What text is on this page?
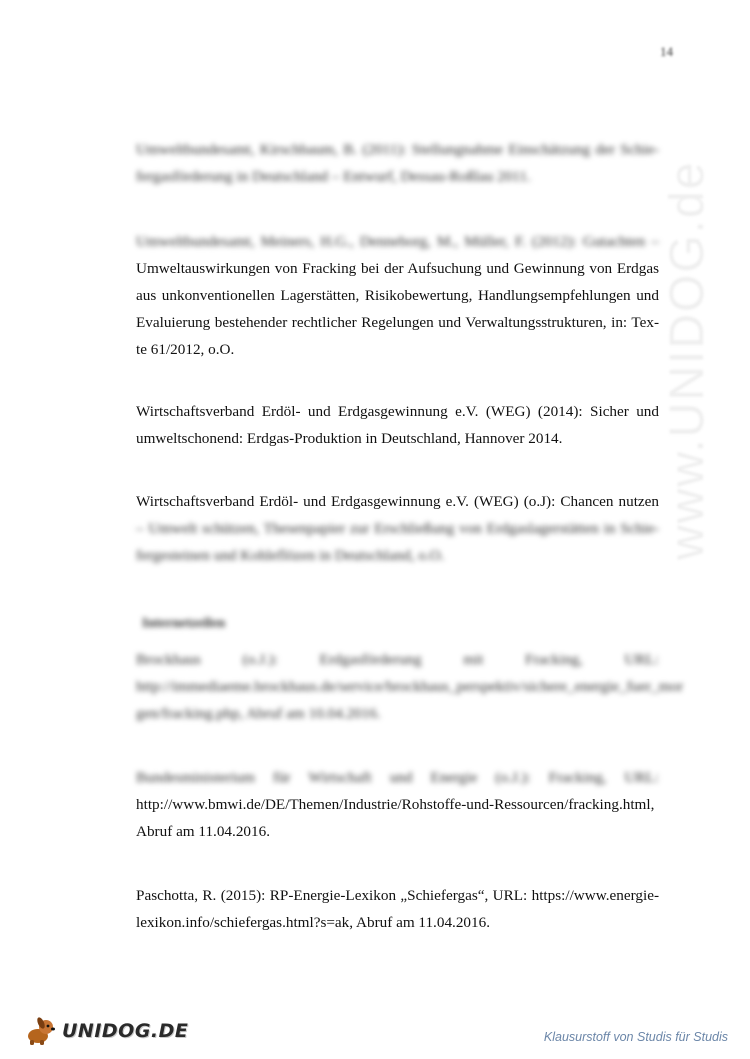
14
www.UNIDOG.de
Umweltbundesamt, Kirschbaum, B. (2011): Stellungnahme Einschätzung der Schie-
fergasförderung in Deutschland – Entwurf, Dessau-Roßlau 2011.
Umweltbundesamt, Meiners, H.G., Denneborg, M., Müller, F. (2012): Gutachten –
Umweltauswirkungen von Fracking bei der Aufsuchung und Gewinnung von Erdgas
aus unkonventionellen Lagerstätten, Risikobewertung, Handlungsempfehlungen und
Evaluierung bestehender rechtlicher Regelungen und Verwaltungsstrukturen, in: Tex-
te 61/2012, o.O.
Wirtschaftsverband Erdöl- und Erdgasgewinnung e.V. (WEG) (2014): Sicher und
umweltschonend: Erdgas-Produktion in Deutschland, Hannover 2014.
Wirtschaftsverband Erdöl- und Erdgasgewinnung e.V. (WEG) (o.J): Chancen nutzen
– Umwelt schützen, Thesenpapier zur Erschließung von Erdgaslagerstätten in Schie-
fergesteinen und Kohleflözen in Deutschland, o.O.
Internetzeilen
Brockhaus (o.J.): Erdgasförderung mit Fracking, URL:
http://immediaeme.brockhaus.de/service/brockhaus_perspektiv/sichere_energie_fuer_mor
gen/fracking.php, Abruf am 10.04.2016.
Bundesministerium für Wirtschaft und Energie (o.J.): Fracking, URL:
http://www.bmwi.de/DE/Themen/Industrie/Rohstoffe-und-Ressourcen/fracking.html,
Abruf am 11.04.2016.
Paschotta, R. (2015): RP-Energie-Lexikon „Schiefergas“, URL: https://www.energie-
lexikon.info/schiefergas.html?s=ak, Abruf am 11.04.2016.
UNIDOG.DE	Klausurstoff von Studis für Studis
